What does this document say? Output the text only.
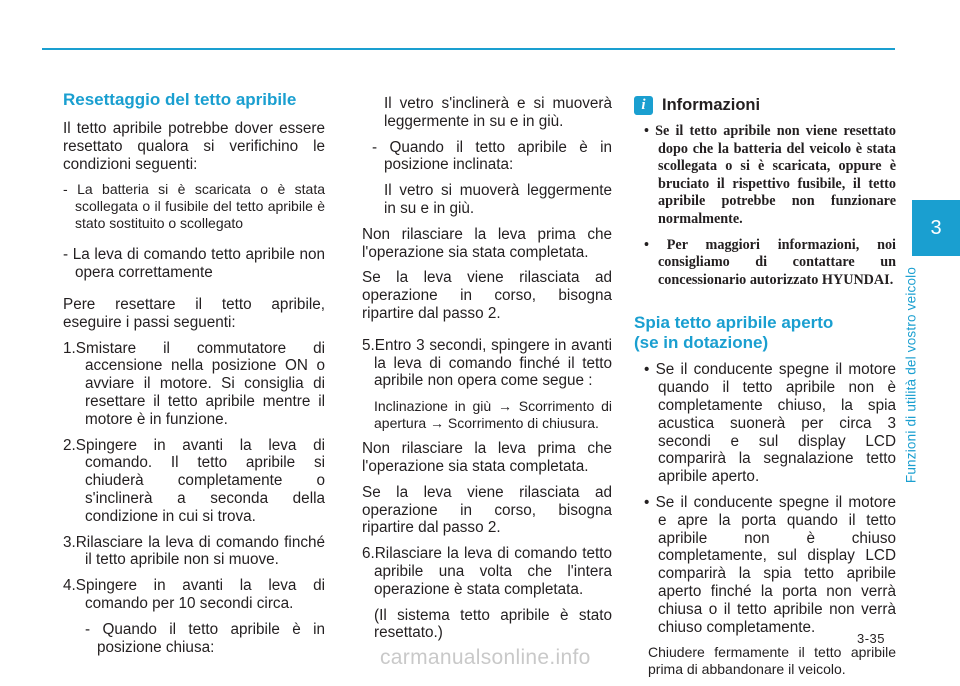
3
Funzioni di utilità del vostro veicolo
Resettaggio del tetto apribile

Il tetto apribile potrebbe dover essere resettato qualora si verifichino le condizioni seguenti:

- La batteria si è scaricata o è stata scollegata o il fusibile del tetto apribile è stato sostituito o scollegato

- La leva di comando tetto apribile non opera correttamente

Pere resettare il tetto apribile, eseguire i passi seguenti:

1.Smistare il commutatore di accensione nella posizione ON o avviare il motore. Si consiglia di resettare il tetto apribile mentre il motore è in funzione.

2.Spingere in avanti la leva di comando. Il tetto apribile si chiuderà completamente o s'inclinerà a seconda della condizione in cui si trova.

3.Rilasciare la leva di comando finché il tetto apribile non si muove.

4.Spingere in avanti la leva di comando per 10 secondi circa.

- Quando il tetto apribile è in posizione chiusa:

Il vetro s'inclinerà e si muoverà leggermente in su e in giù.

- Quando il tetto apribile è in posizione inclinata:

Il vetro si muoverà leggermente in su e in giù.

Non rilasciare la leva prima che l'operazione sia stata completata.

Se la leva viene rilasciata ad operazione in corso, bisogna ripartire dal passo 2.

5.Entro 3 secondi, spingere in avanti la leva di comando finché il tetto apribile non opera come segue :

Inclinazione in giù → Scorrimento di apertura → Scorrimento di chiusura.

Non rilasciare la leva prima che l'operazione sia stata completata.

Se la leva viene rilasciata ad operazione in corso, bisogna ripartire dal passo 2.

6.Rilasciare la leva di comando tetto apribile una volta che l'intera operazione è stata completata.

(Il sistema tetto apribile è stato resettato.)

i Informazioni

• Se il tetto apribile non viene resettato dopo che la batteria del veicolo è stata scollegata o si è scaricata, oppure è bruciato il rispettivo fusibile, il tetto apribile potrebbe non funzionare normalmente.

• Per maggiori informazioni, noi consigliamo di contattare un concessionario autorizzato HYUNDAI.

Spia tetto apribile aperto
(se in dotazione)

• Se il conducente spegne il motore quando il tetto apribile non è completamente chiuso, la spia acustica suonerà per circa 3 secondi e sul display LCD comparirà la segnalazione tetto apribile aperto.

• Se il conducente spegne il motore e apre la porta quando il tetto apribile non è chiuso completamente, sul display LCD comparirà la spia tetto apribile aperto finché la porta non verrà chiusa o il tetto apribile non verrà chiuso completamente.

Chiudere fermamente il tetto apribile prima di abbandonare il veicolo.

3-35
carmanualsonline.info
